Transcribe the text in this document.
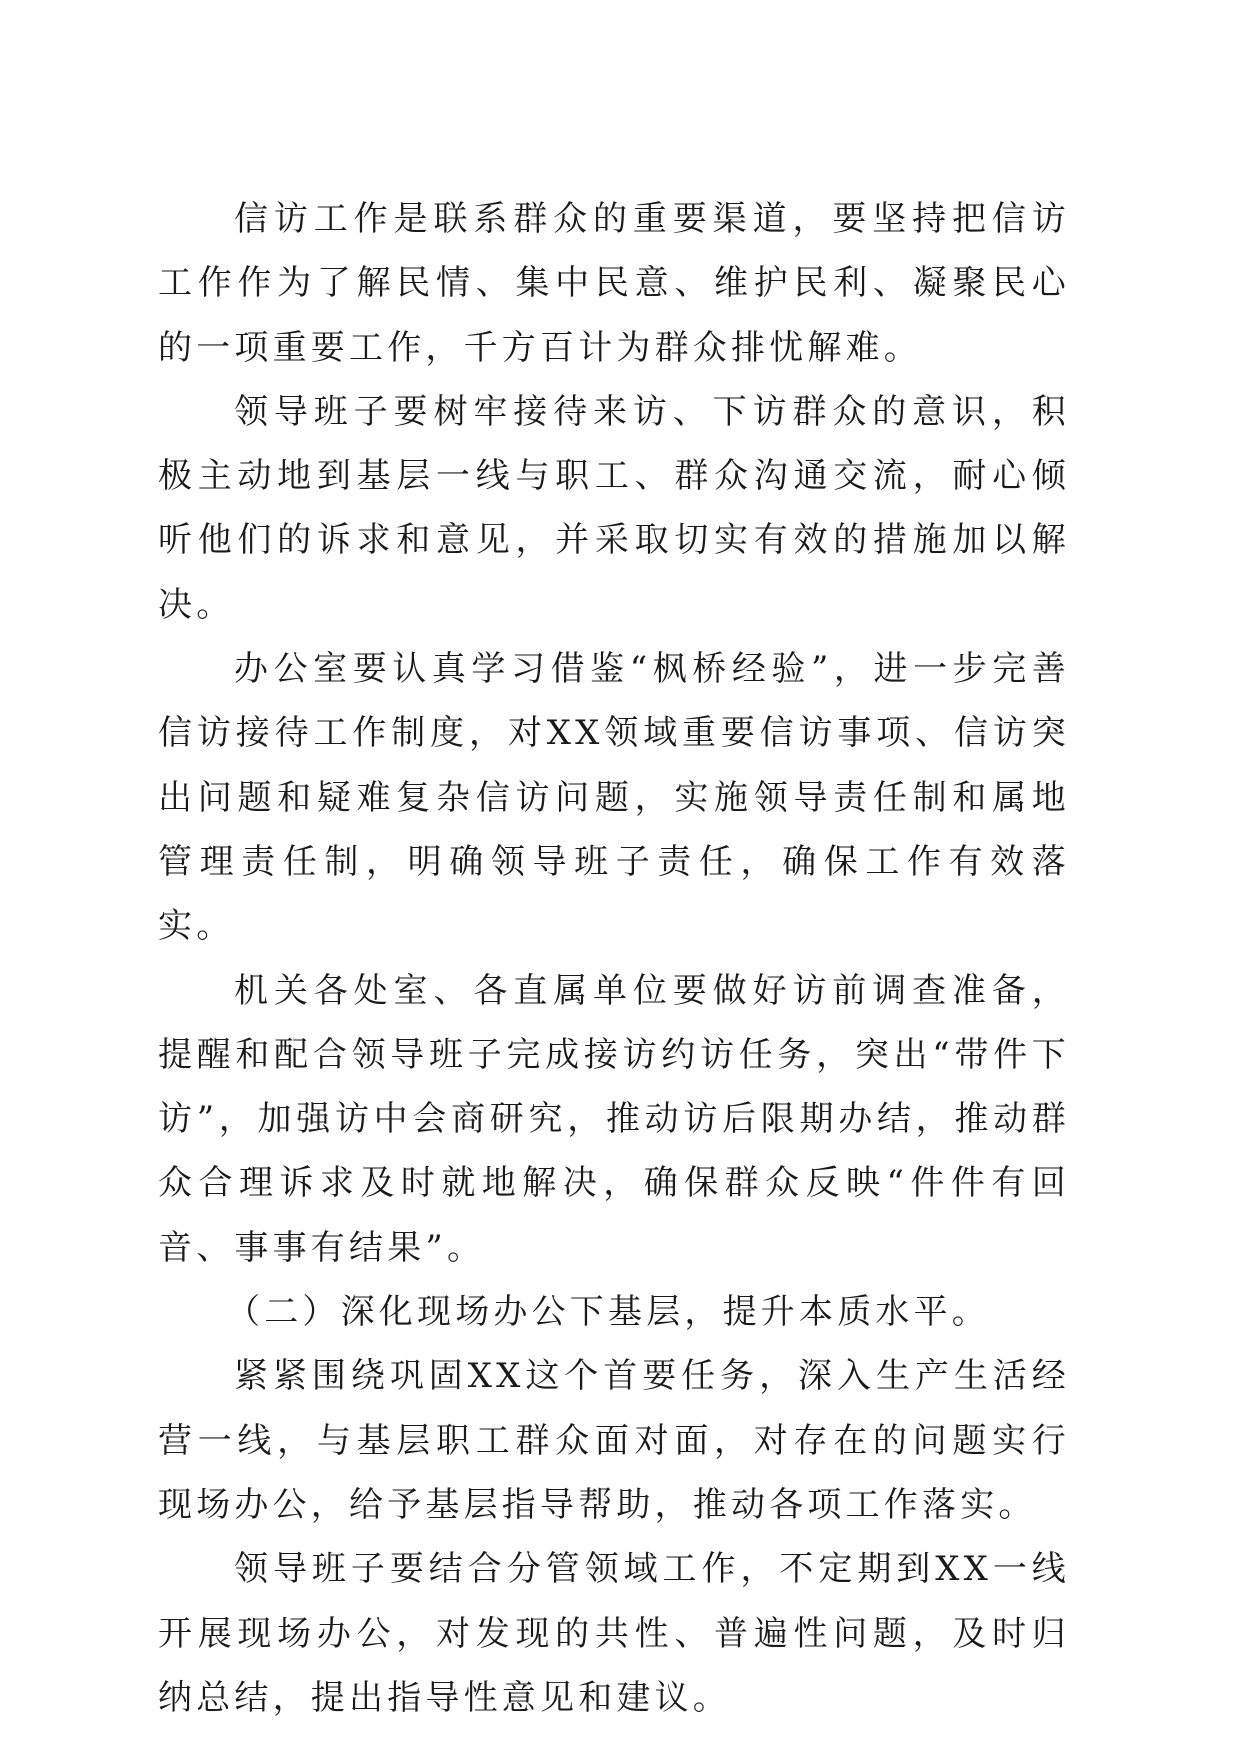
信访工作是联系群众的重要渠道，要坚持把信访工作作为了解民情、集中民意、维护民利、凝聚民心的一项重要工作，千方百计为群众排忧解难。

领导班子要树牢接待来访、下访群众的意识，积极主动地到基层一线与职工、群众沟通交流，耐心倾听他们的诉求和意见，并采取切实有效的措施加以解决。

办公室要认真学习借鉴“枫桥经验”，进一步完善信访接待工作制度，对XX领域重要信访事项、信访突出问题和疑难复杂信访问题，实施领导责任制和属地管理责任制，明确领导班子责任，确保工作有效落实。

机关各处室、各直属单位要做好访前调查准备，提醒和配合领导班子完成接访约访任务，突出“带件下访”，加强访中会商研究，推动访后限期办结，推动群众合理诉求及时就地解决，确保群众反映“件件有回音、事事有结果”。

（二）深化现场办公下基层，提升本质水平。

紧紧围绕巩固XX这个首要任务，深入生产生活经营一线，与基层职工群众面对面，对存在的问题实行现场办公，给予基层指导帮助，推动各项工作落实。

领导班子要结合分管领域工作，不定期到XX一线开展现场办公，对发现的共性、普遍性问题，及时归纳总结，提出指导性意见和建议。
